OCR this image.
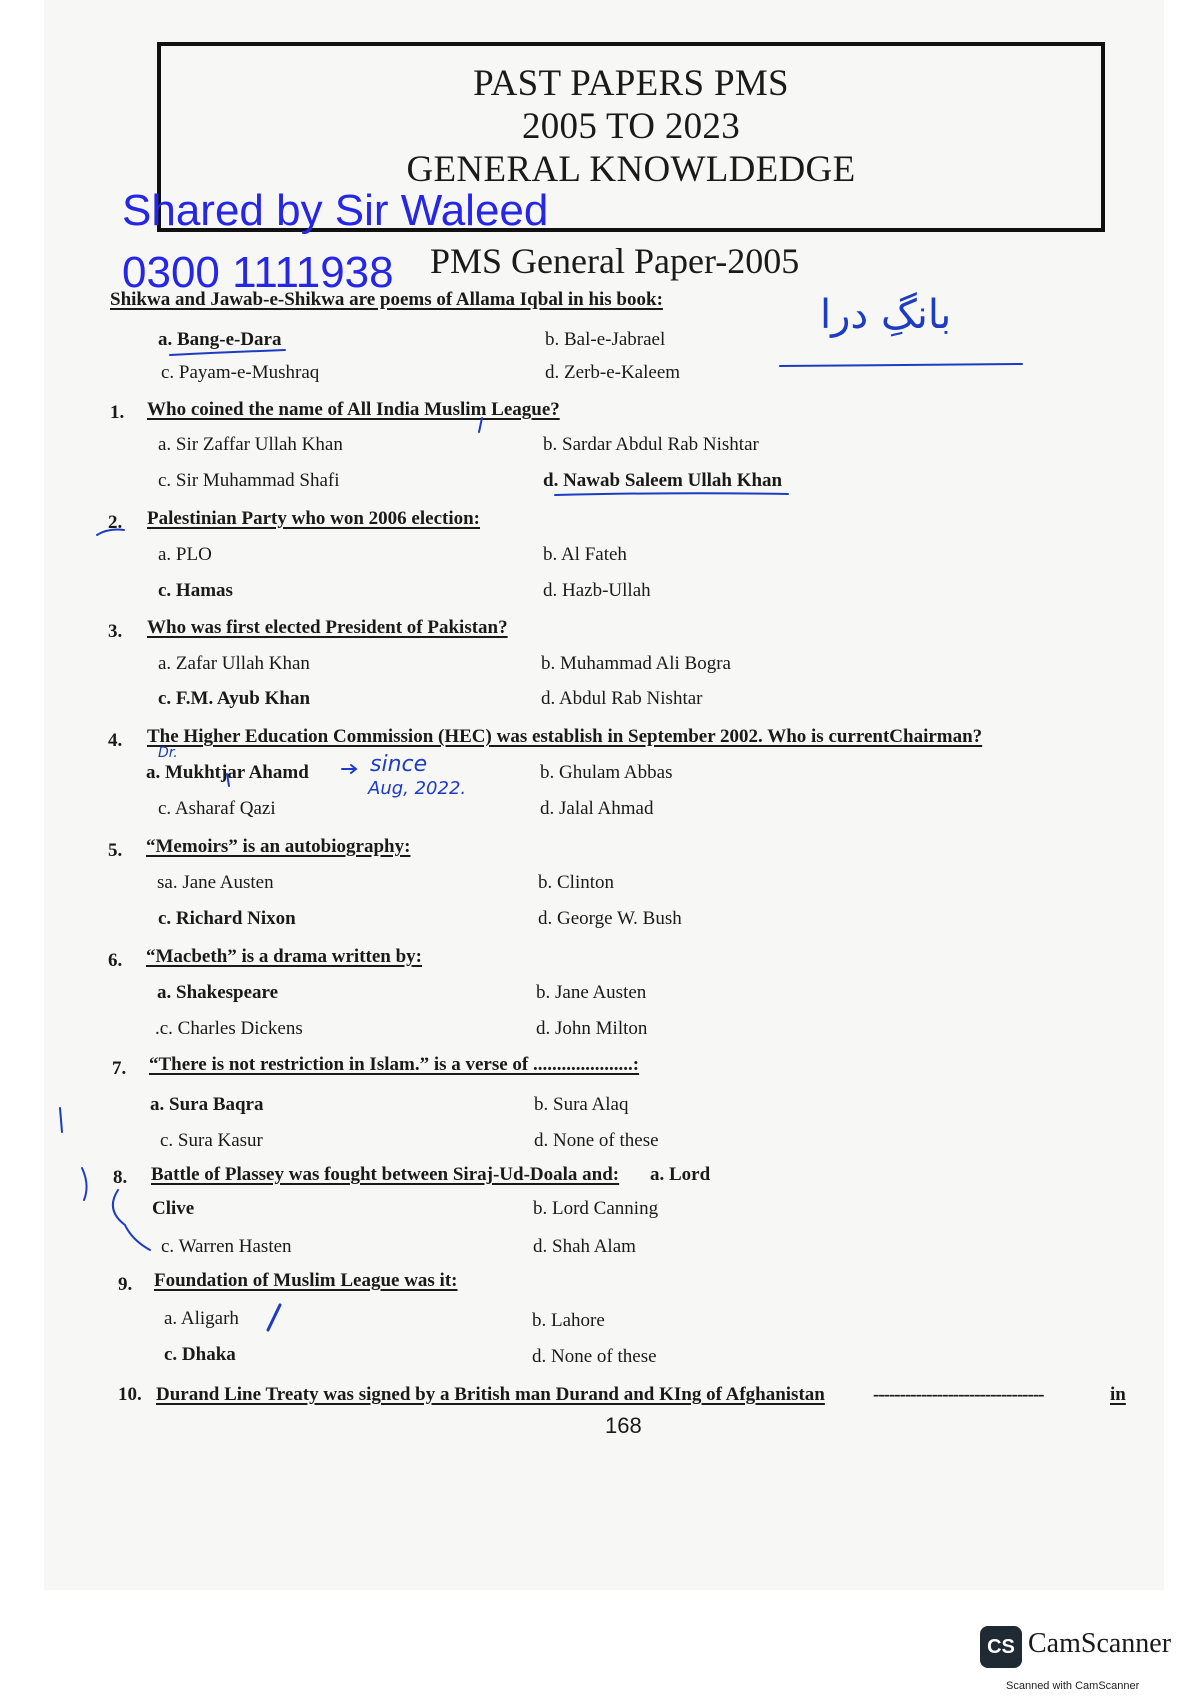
PAST PAPERS PMS
2005 TO 2023
GENERAL KNOWLDEDGE
Shared by Sir Waleed
0300 1111938 PMS General Paper-2005
Shikwa and Jawab-e-Shikwa are poems of Allama Iqbal in his book:
a. Bang-e-Dara	b. Bal-e-Jabrael
c. Payam-e-Mushraq	d. Zerb-e-Kaleem
1. Who coined the name of All India Muslim League?
a. Sir Zaffar Ullah Khan	b. Sardar Abdul Rab Nishtar
c. Sir Muhammad Shafi	d. Nawab Saleem Ullah Khan
2. Palestinian Party who won 2006 election:
a. PLO	b. Al Fateh
c. Hamas	d. Hazb-Ullah
3. Who was first elected President of Pakistan?
a. Zafar Ullah Khan	b. Muhammad Ali Bogra
c. F.M. Ayub Khan	d. Abdul Rab Nishtar
4. The Higher Education Commission (HEC) was establish in September 2002. Who is currentChairman?
a. Mukhtjar Ahamd	b. Ghulam Abbas
c. Asharaf Qazi	d. Jalal Ahmad
5. “Memoirs” is an autobiography:
sa. Jane Austen	b. Clinton
c. Richard Nixon	d. George W. Bush
6. “Macbeth” is a drama written by:
a. Shakespeare	b. Jane Austen
.c. Charles Dickens	d. John Milton
7. “There is not restriction in Islam.” is a verse of .....................:
a. Sura Baqra	b. Sura Alaq
c. Sura Kasur	d. None of these
8. Battle of Plassey was fought between Siraj-Ud-Doala and: a. Lord
Clive	b. Lord Canning
c. Warren Hasten	d. Shah Alam
9. Foundation of Muslim League was it:
a. Aligarh	b. Lahore
c. Dhaka	d. None of these
10. Durand Line Treaty was signed by a British man Durand and KIng of Afghanistan	--------------------------------	in
بانگِ درا
Dr.	since
Aug, 2022.
168
CS CamScanner
Scanned with CamScanner
